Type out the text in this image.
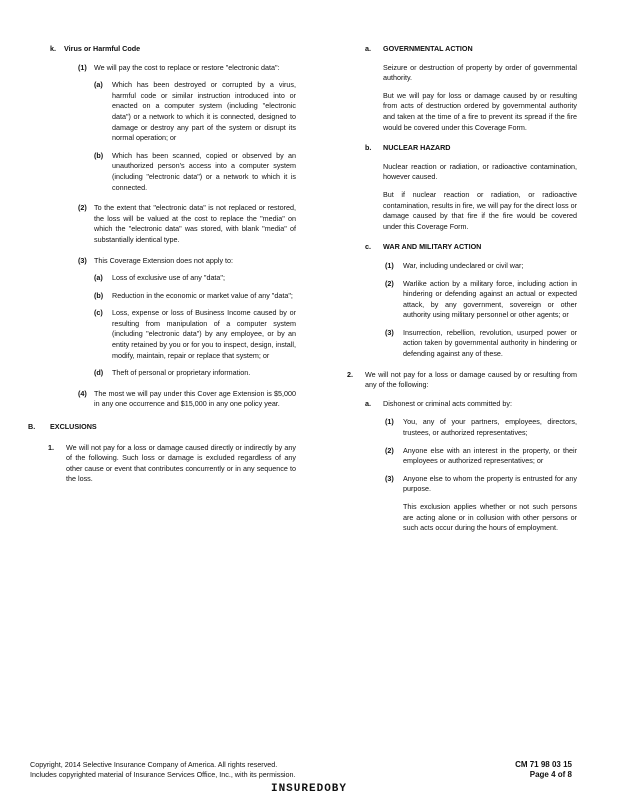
k.	Virus or Harmful Code
(1) We will pay the cost to replace or restore "electronic data":
(a) Which has been destroyed or corrupted by a virus, harmful code or similar instruction introduced into or enacted on a computer system (including "electronic data") or a network to which it is connected, designed to damage or destroy any part of the system or disrupt its normal operation; or
(b) Which has been scanned, copied or observed by an unauthorized person's access into a computer system (including "electronic data") or a network to which it is connected.
(2) To the extent that "electronic data" is not replaced or restored, the loss will be valued at the cost to replace the "media" on which the "electronic data" was stored, with blank "media" of substantially identical type.
(3) This Coverage Extension does not apply to:
(a) Loss of exclusive use of any "data";
(b) Reduction in the economic or market value of any "data";
(c) Loss, expense or loss of Business Income caused by or resulting from manipulation of a computer system (including "electronic data") by any employee, or by an entity retained by you or for you to inspect, design, install, modify, maintain, repair or replace that system; or
(d) Theft of personal or proprietary information.
(4) The most we will pay under this Cover age Extension is $5,000 in any one occurrence and $15,000 in any one policy year.
B. EXCLUSIONS
1. We will not pay for a loss or damage caused directly or indirectly by any of the following. Such loss or damage is excluded regardless of any other cause or event that contributes concurrently or in any sequence to the loss.
a. GOVERNMENTAL ACTION
Seizure or destruction of property by order of governmental authority.
But we will pay for loss or damage caused by or resulting from acts of destruction ordered by governmental authority and taken at the time of a fire to prevent its spread if the fire would be covered under this Coverage Form.
b. NUCLEAR HAZARD
Nuclear reaction or radiation, or radioactive contamination, however caused.
But if nuclear reaction or radiation, or radioactive contamination, results in fire, we will pay for the direct loss or damage caused by that fire if the fire would be covered under this Coverage Form.
c. WAR AND MILITARY ACTION
(1) War, including undeclared or civil war;
(2) Warlike action by a military force, including action in hindering or defending against an actual or expected attack, by any government, sovereign or other authority using military personnel or other agents; or
(3) Insurrection, rebellion, revolution, usurped power or action taken by governmental authority in hindering or defending against any of these.
2. We will not pay for a loss or damage caused by or resulting from any of the following:
a. Dishonest or criminal acts committed by:
(1) You, any of your partners, employees, directors, trustees, or authorized representatives;
(2) Anyone else with an interest in the property, or their employees or authorized representatives; or
(3) Anyone else to whom the property is entrusted for any purpose.
This exclusion applies whether or not such persons are acting alone or in collusion with other persons or such acts occur during the hours of employment.
Copyright, 2014 Selective Insurance Company of America. All rights reserved.
Includes copyrighted material of Insurance Services Office, Inc., with its permission.
CM 71 98 03 15
Page 4 of 8
INSUREDOBY
